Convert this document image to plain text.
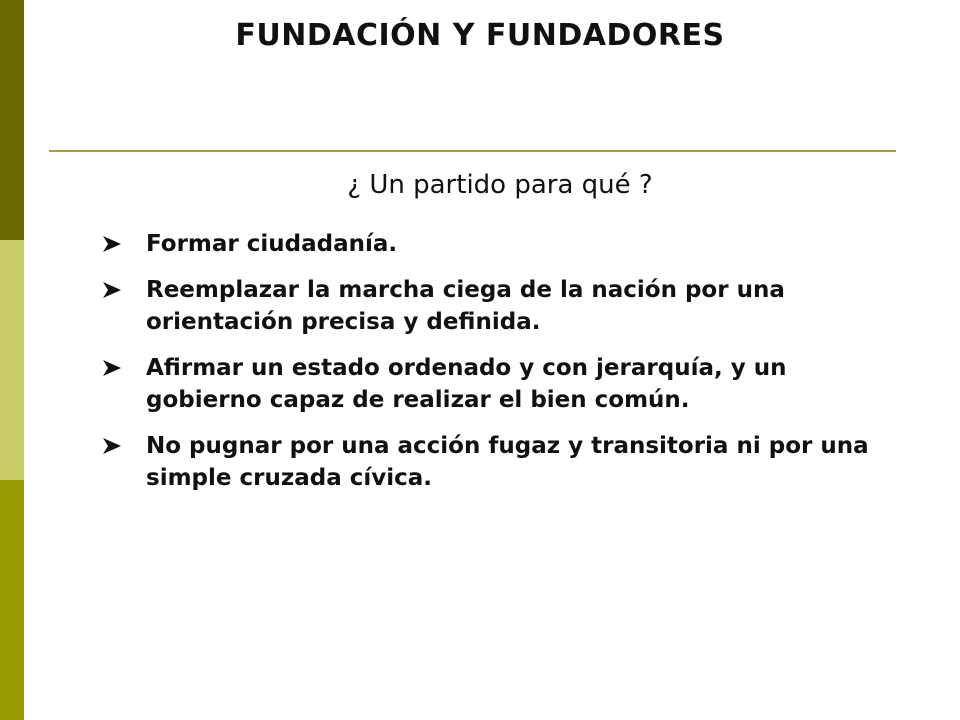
FUNDACIÓN Y FUNDADORES
¿ Un partido para qué ?
Formar ciudadanía.
Reemplazar la marcha ciega de la nación por una orientación precisa y definida.
Afirmar un estado ordenado y con jerarquía, y un gobierno capaz de realizar el bien común.
No pugnar por una acción fugaz y transitoria ni por una simple cruzada cívica.
